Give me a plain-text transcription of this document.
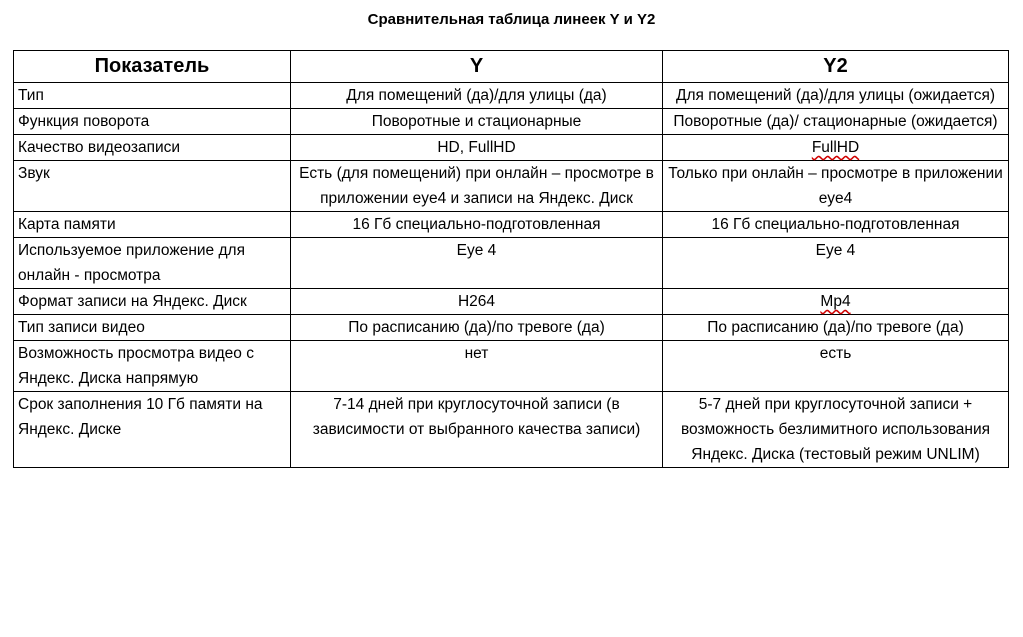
Сравнительная таблица линеек Y и Y2
Показатель	Y	Y2
Тип	Для помещений (да)/для улицы (да)	Для помещений (да)/для улицы (ожидается)
Функция поворота	Поворотные и стационарные	Поворотные (да)/ стационарные (ожидается)
Качество видеозаписи	HD, FullHD	FullHD
Звук	Есть (для помещений) при онлайн – просмотре в приложении eye4 и записи на Яндекс. Диск	Только при онлайн – просмотре в приложении eye4
Карта памяти	16 Гб специально-подготовленная	16 Гб специально-подготовленная
Используемое приложение для онлайн - просмотра	Eye 4	Eye 4
Формат записи на Яндекс. Диск	H264	Mp4
Тип записи видео	По расписанию (да)/по тревоге (да)	По расписанию (да)/по тревоге (да)
Возможность просмотра видео с Яндекс. Диска напрямую	нет	есть
Срок заполнения 10 Гб памяти на Яндекс. Диске	7-14 дней при круглосуточной записи (в зависимости от выбранного качества записи)	5-7 дней при круглосуточной записи + возможность безлимитного использования Яндекс. Диска (тестовый режим UNLIM)
